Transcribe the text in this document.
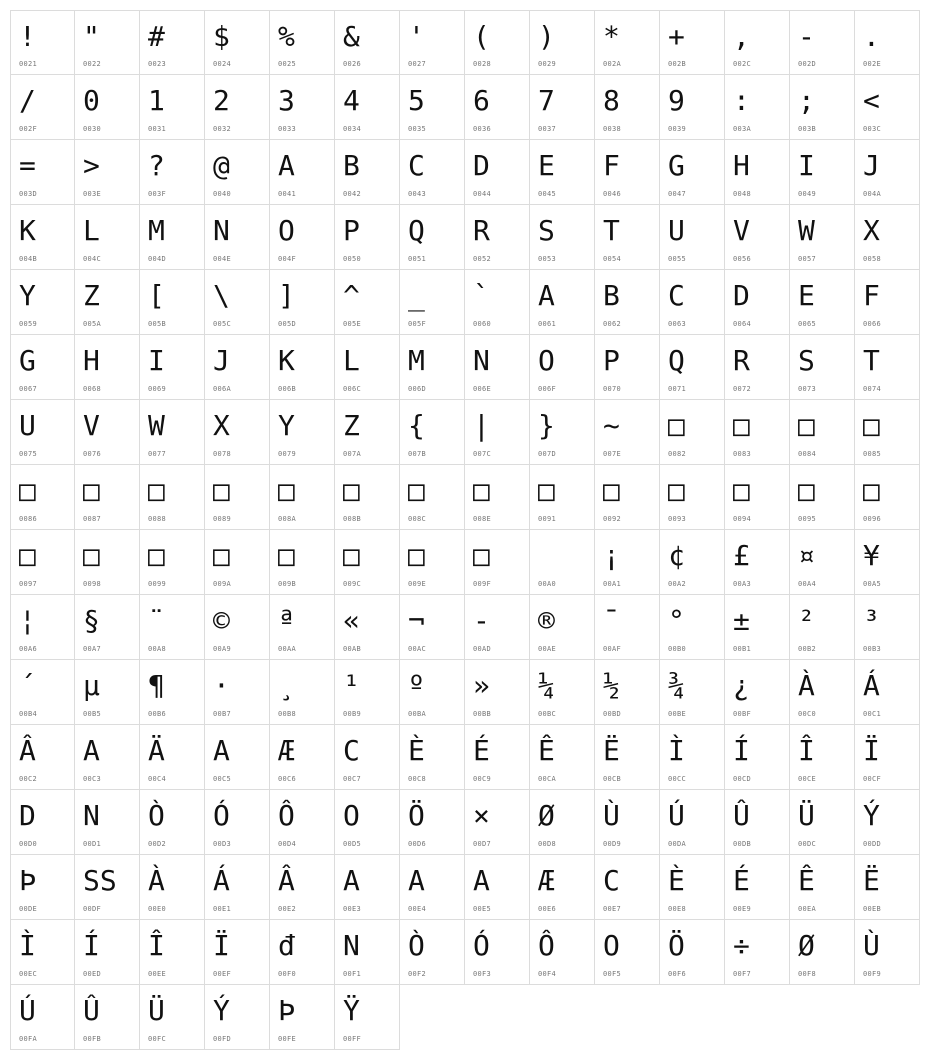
!
0021
"
0022
#
0023
$
0024
%
0025
&
0026
'
0027
(
0028
)
0029
*
002A
+
002B
,
002C
-
002D
.
002E
/
002F
0
0030
1
0031
2
0032
3
0033
4
0034
5
0035
6
0036
7
0037
8
0038
9
0039
:
003A
;
003B
<
003C
=
003D
>
003E
?
003F
@
0040
A
0041
B
0042
C
0043
D
0044
E
0045
F
0046
G
0047
H
0048
I
0049
J
004A
K
004B
L
004C
M
004D
N
004E
O
004F
P
0050
Q
0051
R
0052
S
0053
T
0054
U
0055
V
0056
W
0057
X
0058
Y
0059
Z
005A
[
005B
\
005C
]
005D
^
005E
_
005F
`
0060
A
0061
B
0062
C
0063
D
0064
E
0065
F
0066
G
0067
H
0068
I
0069
J
006A
K
006B
L
006C
M
006D
N
006E
O
006F
P
0070
Q
0071
R
0072
S
0073
T
0074
U
0075
V
0076
W
0077
X
0078
Y
0079
Z
007A
{
007B
|
007C
}
007D
~
007E
□
0082
□
0083
□
0084
□
0085
□
0086
□
0087
□
0088
□
0089
□
008A
□
008B
□
008C
□
008E
□
0091
□
0092
□
0093
□
0094
□
0095
□
0096
□
0097
□
0098
□
0099
□
009A
□
009B
□
009C
□
009E
□
009F	00A0
¡
00A1
¢
00A2
£
00A3
¤
00A4
¥
00A5
¦
00A6
§
00A7
¨
00A8
©
00A9
ª
00AA
«
00AB
¬
00AC
-
00AD
®
00AE
¯
00AF
°
00B0
±
00B1
²
00B2
³
00B3
´
00B4
µ
00B5
¶
00B6
·
00B7
¸
00B8
¹
00B9
º
00BA
»
00BB
¼
00BC
½
00BD
¾
00BE
¿
00BF
À
00C0
Á
00C1
Â
00C2
A
00C3
Ä
00C4
A
00C5
Æ
00C6
C
00C7
È
00C8
É
00C9
Ê
00CA
Ë
00CB
Ì
00CC
Í
00CD
Î
00CE
Ï
00CF
D
00D0
N
00D1
Ò
00D2
Ó
00D3
Ô
00D4
O
00D5
Ö
00D6
×
00D7
Ø
00D8
Ù
00D9
Ú
00DA
Û
00DB
Ü
00DC
Ý
00DD
Þ
00DE
SS
00DF
À
00E0
Á
00E1
Â
00E2
A
00E3
A
00E4
A
00E5
Æ
00E6
C
00E7
È
00E8
É
00E9
Ê
00EA
Ë
00EB
Ì
00EC
Í
00ED
Î
00EE
Ï
00EF
đ
00F0
N
00F1
Ò
00F2
Ó
00F3
Ô
00F4
O
00F5
Ö
00F6
÷
00F7
Ø
00F8
Ù
00F9
Ú
00FA
Û
00FB
Ü
00FC
Ý
00FD
Þ
00FE
Ÿ
00FF
